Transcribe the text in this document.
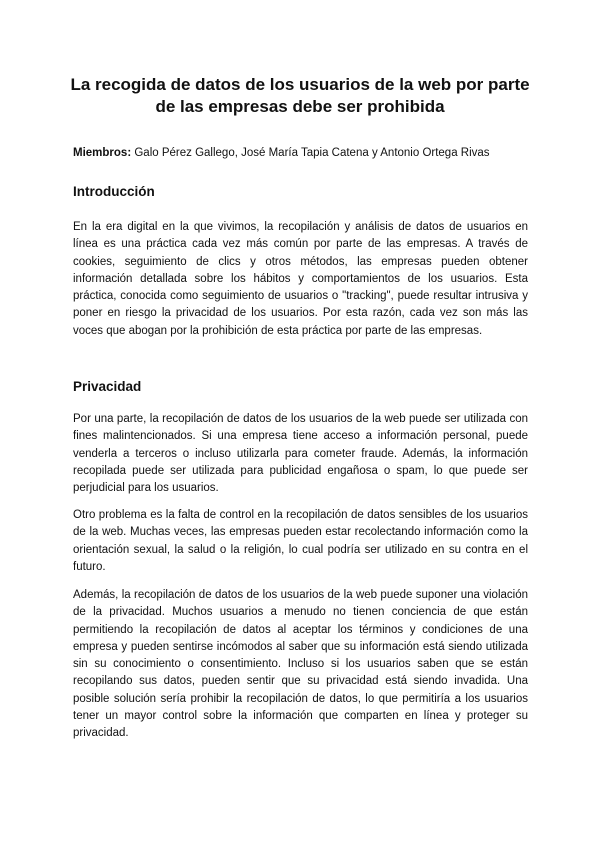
La recogida de datos de los usuarios de la web por parte de las empresas debe ser prohibida

Miembros: Galo Pérez Gallego, José María Tapia Catena y Antonio Ortega Rivas

Introducción

En la era digital en la que vivimos, la recopilación y análisis de datos de usuarios en línea es una práctica cada vez más común por parte de las empresas. A través de cookies, seguimiento de clics y otros métodos, las empresas pueden obtener información detallada sobre los hábitos y comportamientos de los usuarios. Esta práctica, conocida como seguimiento de usuarios o "tracking", puede resultar intrusiva y poner en riesgo la privacidad de los usuarios. Por esta razón, cada vez son más las voces que abogan por la prohibición de esta práctica por parte de las empresas.

Privacidad

Por una parte, la recopilación de datos de los usuarios de la web puede ser utilizada con fines malintencionados. Si una empresa tiene acceso a información personal, puede venderla a terceros o incluso utilizarla para cometer fraude. Además, la información recopilada puede ser utilizada para publicidad engañosa o spam, lo que puede ser perjudicial para los usuarios.

Otro problema es la falta de control en la recopilación de datos sensibles de los usuarios de la web. Muchas veces, las empresas pueden estar recolectando información como la orientación sexual, la salud o la religión, lo cual podría ser utilizado en su contra en el futuro.

Además, la recopilación de datos de los usuarios de la web puede suponer una violación de la privacidad. Muchos usuarios a menudo no tienen conciencia de que están permitiendo la recopilación de datos al aceptar los términos y condiciones de una empresa y pueden sentirse incómodos al saber que su información está siendo utilizada sin su conocimiento o consentimiento. Incluso si los usuarios saben que se están recopilando sus datos, pueden sentir que su privacidad está siendo invadida. Una posible solución sería prohibir la recopilación de datos, lo que permitiría a los usuarios tener un mayor control sobre la información que comparten en línea y proteger su privacidad.
